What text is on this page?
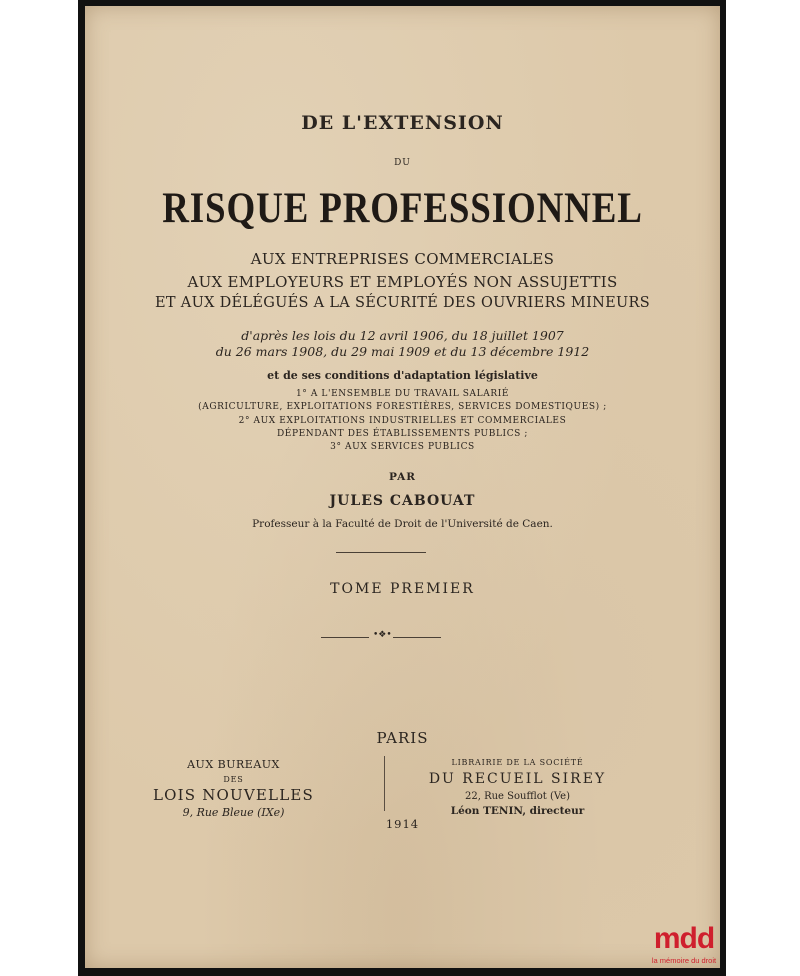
DE L'EXTENSION
DU
RISQUE PROFESSIONNEL
AUX ENTREPRISES COMMERCIALES
AUX EMPLOYEURS ET EMPLOYÉS NON ASSUJETTIS
ET AUX DÉLÉGUÉS A LA SÉCURITÉ DES OUVRIERS MINEURS
d'après les lois du 12 avril 1906, du 18 juillet 1907
du 26 mars 1908, du 29 mai 1909 et du 13 décembre 1912
et de ses conditions d'adaptation législative
1° A L'ENSEMBLE DU TRAVAIL SALARIÉ
(AGRICULTURE, EXPLOITATIONS FORESTIÈRES, SERVICES DOMESTIQUES) ;
2° AUX EXPLOITATIONS INDUSTRIELLES ET COMMERCIALES
DÉPENDANT DES ÉTABLISSEMENTS PUBLICS ;
3° AUX SERVICES PUBLICS
PAR
JULES CABOUAT
Professeur à la Faculté de Droit de l'Université de Caen.
TOME PREMIER
•❖•
PARIS
AUX BUREAUX
DES
LOIS NOUVELLES
9, Rue Bleue (IXe)
LIBRAIRIE DE LA SOCIÉTÉ
DU RECUEIL SIREY
22, Rue Soufflot (Ve)
Léon TENIN, directeur
1914
mdd
la mémoire du droit
